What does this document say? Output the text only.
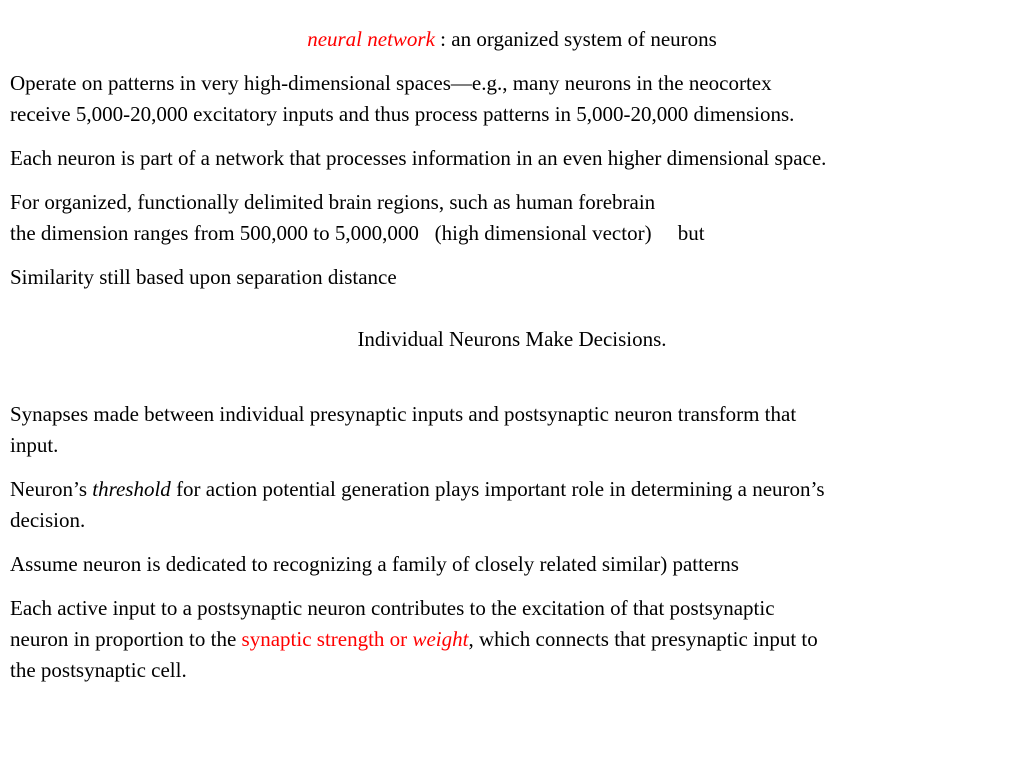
neural network : an organized system of neurons

Operate on patterns in very high-dimensional spaces—e.g., many neurons in the neocortex
receive 5,000-20,000 excitatory inputs and thus process patterns in 5,000-20,000 dimensions.

Each neuron is part of a network that processes information in an even higher dimensional space.

For organized, functionally delimited brain regions, such as human forebrain
the dimension ranges from 500,000 to 5,000,000   (high dimensional vector)     but

Similarity still based upon separation distance

Individual Neurons Make Decisions.

Synapses made between individual presynaptic inputs and postsynaptic neuron transform that
input.

Neuron’s threshold for action potential generation plays important role in determining a neuron’s
decision.

Assume neuron is dedicated to recognizing a family of closely related similar) patterns

Each active input to a postsynaptic neuron contributes to the excitation of that postsynaptic
neuron in proportion to the synaptic strength or weight, which connects that presynaptic input to
the postsynaptic cell.
